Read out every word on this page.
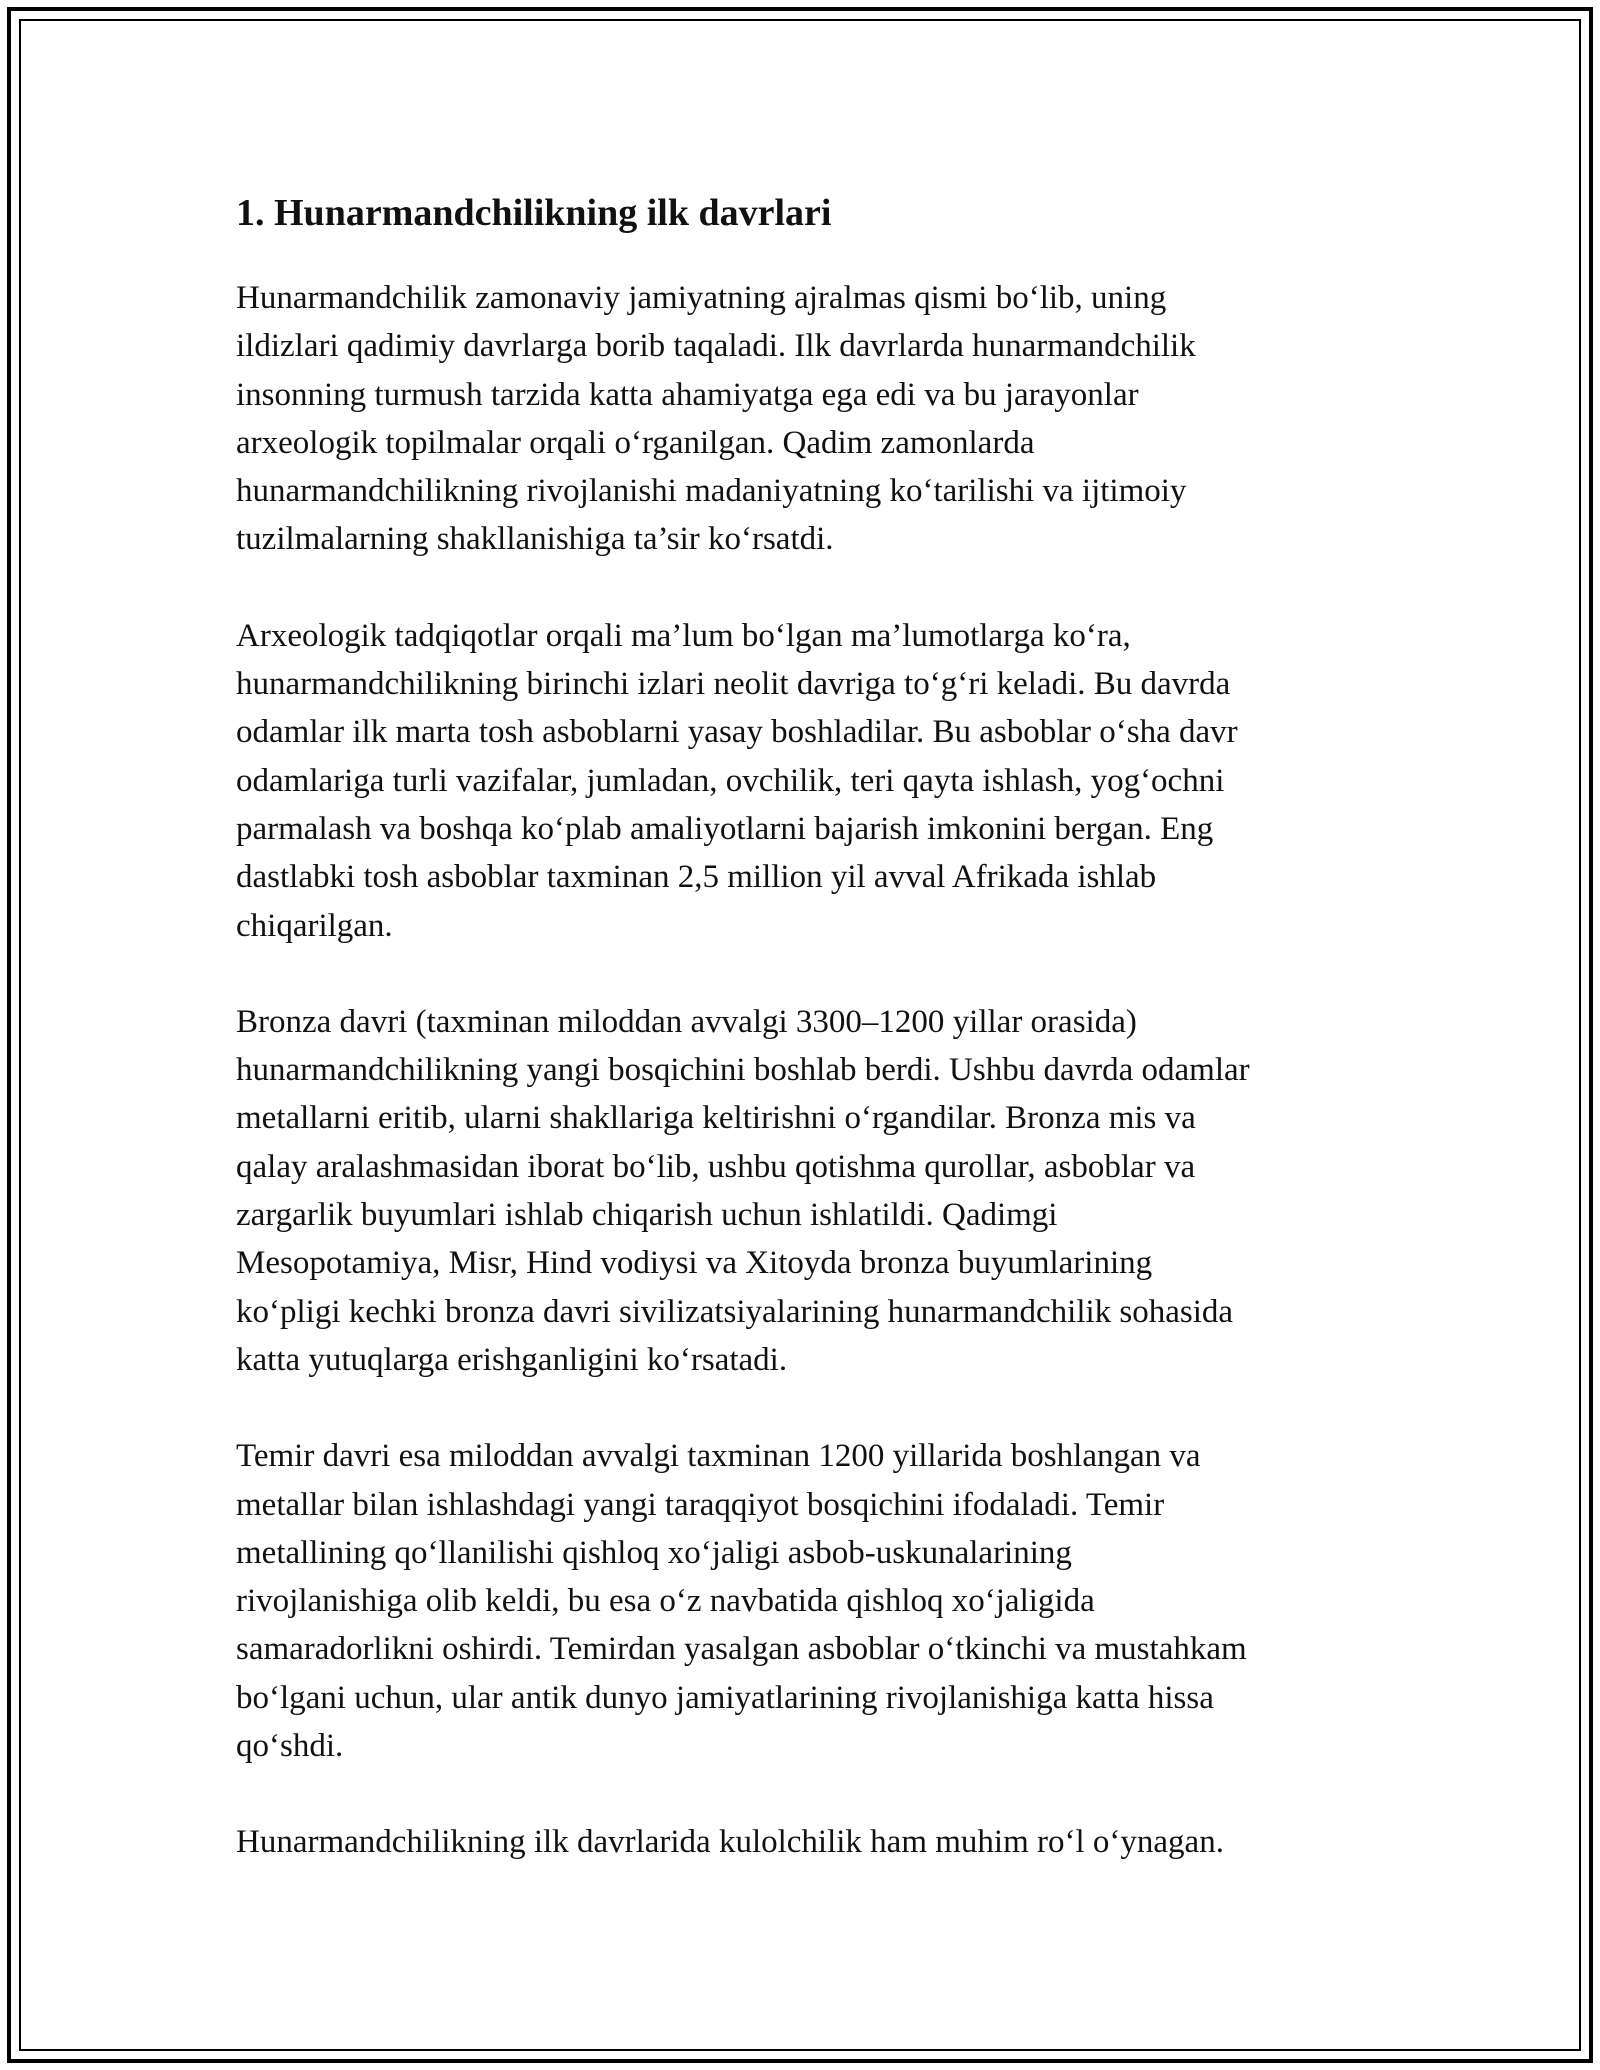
1. Hunarmandchilikning ilk davrlari

Hunarmandchilik zamonaviy jamiyatning ajralmas qismi bo‘lib, uning
ildizlari qadimiy davrlarga borib taqaladi. Ilk davrlarda hunarmandchilik
insonning turmush tarzida katta ahamiyatga ega edi va bu jarayonlar
arxeologik topilmalar orqali o‘rganilgan. Qadim zamonlarda
hunarmandchilikning rivojlanishi madaniyatning ko‘tarilishi va ijtimoiy
tuzilmalarning shakllanishiga ta’sir ko‘rsatdi.

Arxeologik tadqiqotlar orqali ma’lum bo‘lgan ma’lumotlarga ko‘ra,
hunarmandchilikning birinchi izlari neolit davriga to‘g‘ri keladi. Bu davrda
odamlar ilk marta tosh asboblarni yasay boshladilar. Bu asboblar o‘sha davr
odamlariga turli vazifalar, jumladan, ovchilik, teri qayta ishlash, yog‘ochni
parmalash va boshqa ko‘plab amaliyotlarni bajarish imkonini bergan. Eng
dastlabki tosh asboblar taxminan 2,5 million yil avval Afrikada ishlab
chiqarilgan.

Bronza davri (taxminan miloddan avvalgi 3300–1200 yillar orasida)
hunarmandchilikning yangi bosqichini boshlab berdi. Ushbu davrda odamlar
metallarni eritib, ularni shakllariga keltirishni o‘rgandilar. Bronza mis va
qalay aralashmasidan iborat bo‘lib, ushbu qotishma qurollar, asboblar va
zargarlik buyumlari ishlab chiqarish uchun ishlatildi. Qadimgi
Mesopotamiya, Misr, Hind vodiysi va Xitoyda bronza buyumlarining
ko‘pligi kechki bronza davri sivilizatsiyalarining hunarmandchilik sohasida
katta yutuqlarga erishganligini ko‘rsatadi.

Temir davri esa miloddan avvalgi taxminan 1200 yillarida boshlangan va
metallar bilan ishlashdagi yangi taraqqiyot bosqichini ifodaladi. Temir
metallining qo‘llanilishi qishloq xo‘jaligi asbob-uskunalarining
rivojlanishiga olib keldi, bu esa o‘z navbatida qishloq xo‘jaligida
samaradorlikni oshirdi. Temirdan yasalgan asboblar o‘tkinchi va mustahkam
bo‘lgani uchun, ular antik dunyo jamiyatlarining rivojlanishiga katta hissa
qo‘shdi.

Hunarmandchilikning ilk davrlarida kulolchilik ham muhim ro‘l o‘ynagan.
